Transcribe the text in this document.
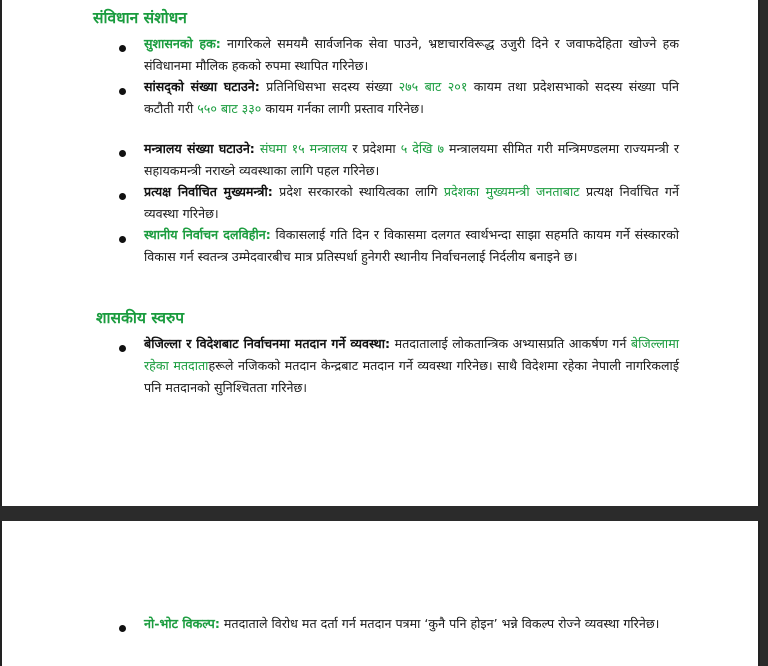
संविधान संशोधन
सुशासनको हक: नागरिकले समयमै सार्वजनिक सेवा पाउने, भ्रष्टाचारविरूद्ध उजुरी दिने र जवाफदेहिता खोज्ने हक संविधानमा मौलिक हकको रुपमा स्थापित गरिनेछ।
सांसद्को संख्या घटाउने: प्रतिनिधिसभा सदस्य संख्या २७५ बाट २०१ कायम तथा प्रदेशसभाको सदस्य संख्या पनि कटौती गरी ५५० बाट ३३० कायम गर्नका लागी प्रस्ताव गरिनेछ।
मन्त्रालय संख्या घटाउने: संघमा १५ मन्त्रालय र प्रदेशमा ५ देखि ७ मन्त्रालयमा सीमित गरी मन्त्रिमण्डलमा राज्यमन्त्री र सहायकमन्त्री नराख्ने व्यवस्थाका लागि पहल गरिनेछ।
प्रत्यक्ष निर्वाचित मुख्यमन्त्री: प्रदेश सरकारको स्थायित्वका लागि प्रदेशका मुख्यमन्त्री जनताबाट प्रत्यक्ष निर्वाचित गर्ने व्यवस्था गरिनेछ।
स्थानीय निर्वाचन दलविहीन: विकासलाई गति दिन र विकासमा दलगत स्वार्थभन्दा साझा सहमति कायम गर्ने संस्कारको विकास गर्न स्वतन्त्र उम्मेदवारबीच मात्र प्रतिस्पर्धा हुनेगरी स्थानीय निर्वाचनलाई निर्दलीय बनाइने छ।
शासकीय स्वरुप
बेजिल्ला र विदेशबाट निर्वाचनमा मतदान गर्ने व्यवस्था: मतदातालाई लोकतान्त्रिक अभ्यासप्रति आकर्षण गर्न बेजिल्लामा रहेका मतदाताहरूले नजिकको मतदान केन्द्रबाट मतदान गर्ने व्यवस्था गरिनेछ। साथै विदेशमा रहेका नेपाली नागरिकलाई पनि मतदानको सुनिश्चितता गरिनेछ।
नो-भोट विकल्प: मतदाताले विरोध मत दर्ता गर्न मतदान पत्रमा ‘कुनै पनि होइन’ भन्ने विकल्प रोज्ने व्यवस्था गरिनेछ।
